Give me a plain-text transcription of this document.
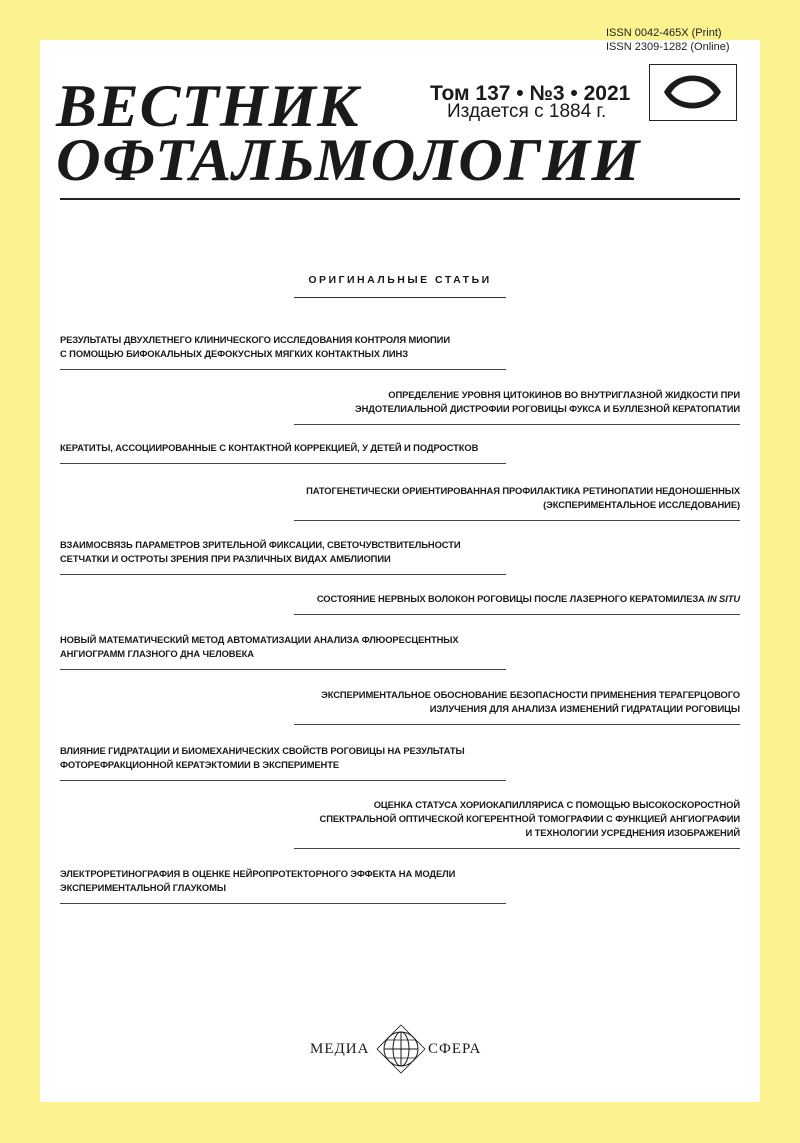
ISSN 0042-465X (Print)
ISSN 2309-1282 (Online)
ВЕСТНИК
ОФТАЛЬМОЛОГИИ
Том 137 • №3 • 2021
Издается с 1884 г.
ОРИГИНАЛЬНЫЕ СТАТЬИ
РЕЗУЛЬТАТЫ ДВУХЛЕТНЕГО КЛИНИЧЕСКОГО ИССЛЕДОВАНИЯ КОНТРОЛЯ МИОПИИ
С ПОМОЩЬЮ БИФОКАЛЬНЫХ ДЕФОКУСНЫХ МЯГКИХ КОНТАКТНЫХ ЛИНЗ
ОПРЕДЕЛЕНИЕ УРОВНЯ ЦИТОКИНОВ ВО ВНУТРИГЛАЗНОЙ ЖИДКОСТИ ПРИ
ЭНДОТЕЛИАЛЬНОЙ ДИСТРОФИИ РОГОВИЦЫ ФУКСА И БУЛЛЕЗНОЙ КЕРАТОПАТИИ
КЕРАТИТЫ, АССОЦИИРОВАННЫЕ С КОНТАКТНОЙ КОРРЕКЦИЕЙ, У ДЕТЕЙ И ПОДРОСТКОВ
ПАТОГЕНЕТИЧЕСКИ ОРИЕНТИРОВАННАЯ ПРОФИЛАКТИКА РЕТИНОПАТИИ НЕДОНОШЕННЫХ
(ЭКСПЕРИМЕНТАЛЬНОЕ ИССЛЕДОВАНИЕ)
ВЗАИМОСВЯЗЬ ПАРАМЕТРОВ ЗРИТЕЛЬНОЙ ФИКСАЦИИ, СВЕТОЧУВСТВИТЕЛЬНОСТИ
СЕТЧАТКИ И ОСТРОТЫ ЗРЕНИЯ ПРИ РАЗЛИЧНЫХ ВИДАХ АМБЛИОПИИ
СОСТОЯНИЕ НЕРВНЫХ ВОЛОКОН РОГОВИЦЫ ПОСЛЕ ЛАЗЕРНОГО КЕРАТОМИЛЕЗА IN SITU
НОВЫЙ МАТЕМАТИЧЕСКИЙ МЕТОД АВТОМАТИЗАЦИИ АНАЛИЗА ФЛЮОРЕСЦЕНТНЫХ
АНГИОГРАММ ГЛАЗНОГО ДНА ЧЕЛОВЕКА
ЭКСПЕРИМЕНТАЛЬНОЕ ОБОСНОВАНИЕ БЕЗОПАСНОСТИ ПРИМЕНЕНИЯ ТЕРАГЕРЦОВОГО
ИЗЛУЧЕНИЯ ДЛЯ АНАЛИЗА ИЗМЕНЕНИЙ ГИДРАТАЦИИ РОГОВИЦЫ
ВЛИЯНИЕ ГИДРАТАЦИИ И БИОМЕХАНИЧЕСКИХ СВОЙСТВ РОГОВИЦЫ НА РЕЗУЛЬТАТЫ
ФОТОРЕФРАКЦИОННОЙ КЕРАТЭКТОМИИ В ЭКСПЕРИМЕНТЕ
ОЦЕНКА СТАТУСА ХОРИОКАПИЛЛЯРИСА С ПОМОЩЬЮ ВЫСОКОСКОРОСТНОЙ
СПЕКТРАЛЬНОЙ ОПТИЧЕСКОЙ КОГЕРЕНТНОЙ ТОМОГРАФИИ С ФУНКЦИЕЙ АНГИОГРАФИИ
И ТЕХНОЛОГИИ УСРЕДНЕНИЯ ИЗОБРАЖЕНИЙ
ЭЛЕКТРОРЕТИНОГРАФИЯ В ОЦЕНКЕ НЕЙРОПРОТЕКТОРНОГО ЭФФЕКТА НА МОДЕЛИ
ЭКСПЕРИМЕНТАЛЬНОЙ ГЛАУКОМЫ
МЕДИА	СФЕРА
